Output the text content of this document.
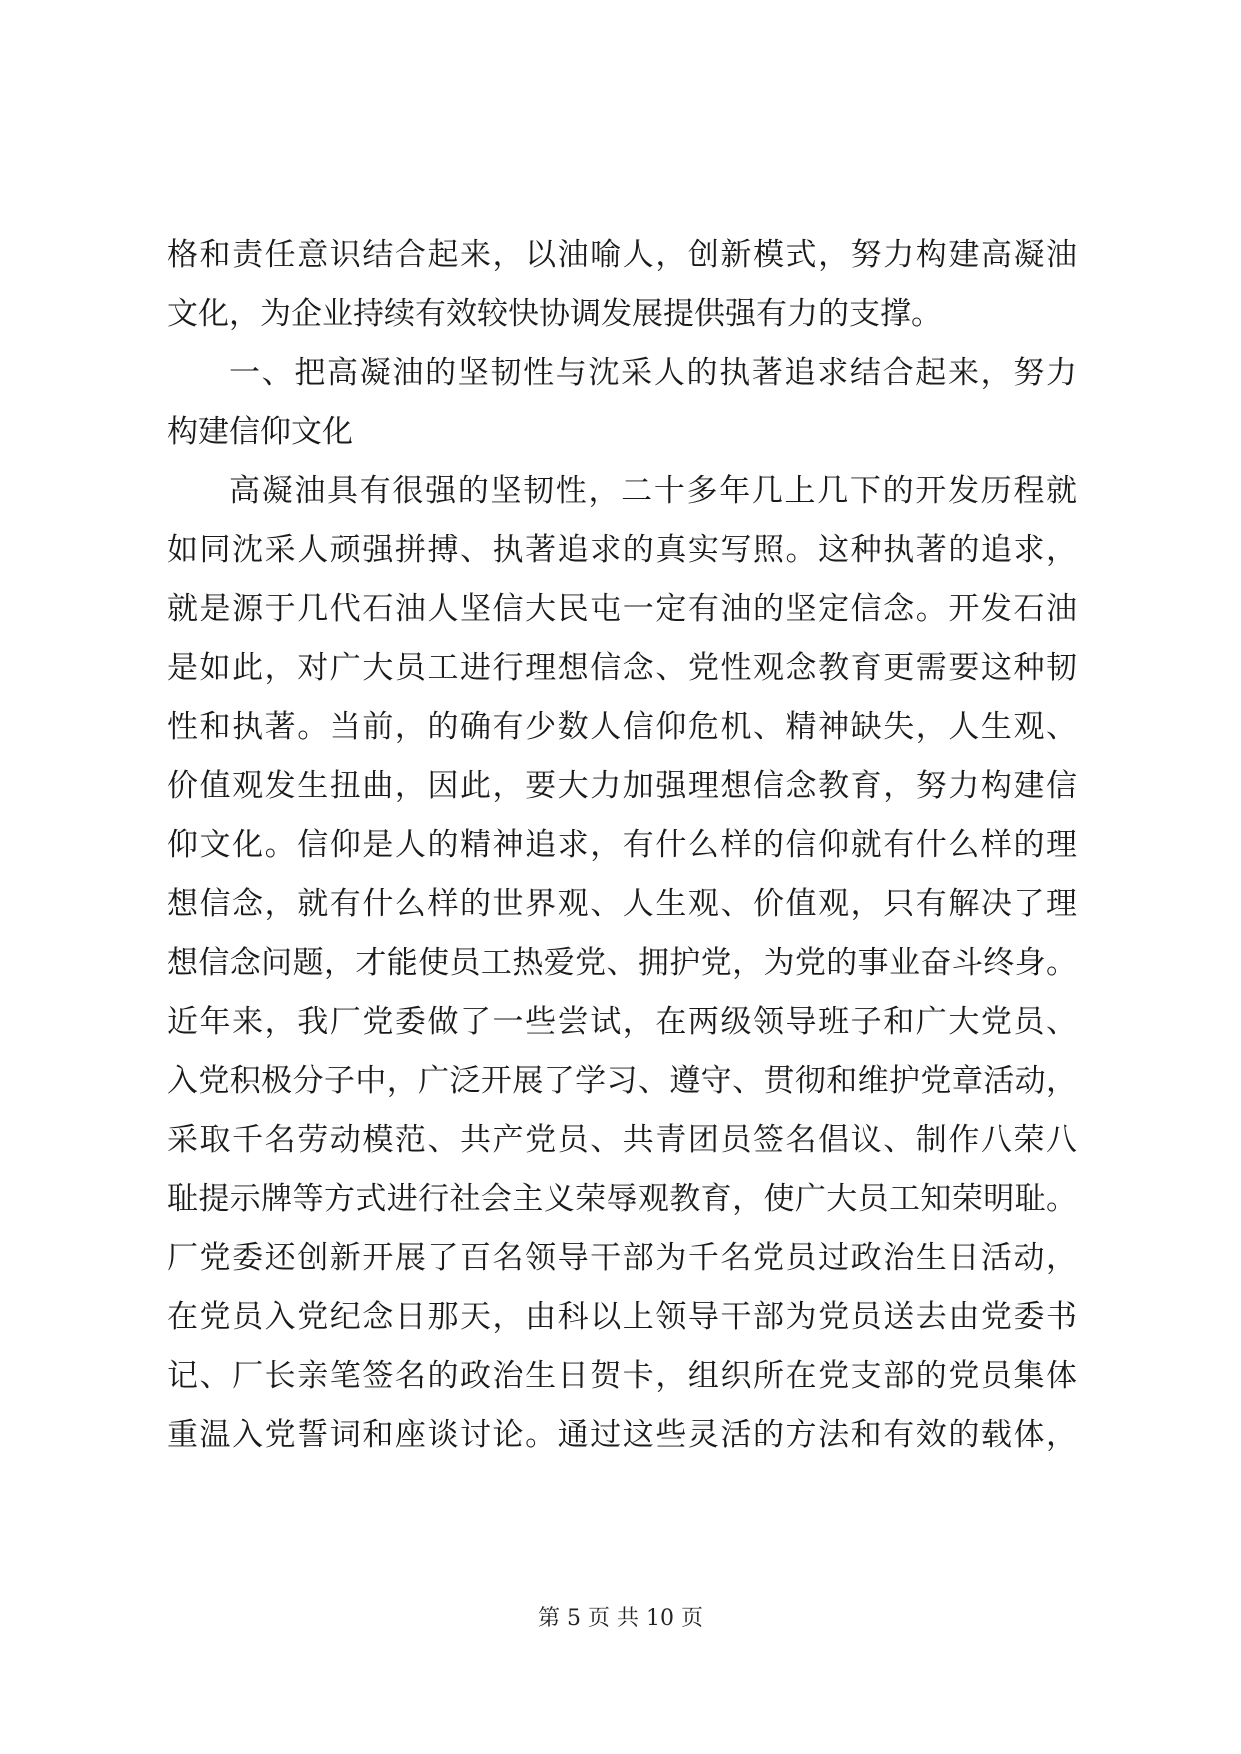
格和责任意识结合起来，以油喻人，创新模式，努力构建高凝油
文化，为企业持续有效较快协调发展提供强有力的支撑。
一、把高凝油的坚韧性与沈采人的执著追求结合起来，努力
构建信仰文化
高凝油具有很强的坚韧性，二十多年几上几下的开发历程就
如同沈采人顽强拼搏、执著追求的真实写照。这种执著的追求，
就是源于几代石油人坚信大民屯一定有油的坚定信念。开发石油
是如此，对广大员工进行理想信念、党性观念教育更需要这种韧
性和执著。当前，的确有少数人信仰危机、精神缺失，人生观、
价值观发生扭曲，因此，要大力加强理想信念教育，努力构建信
仰文化。信仰是人的精神追求，有什么样的信仰就有什么样的理
想信念，就有什么样的世界观、人生观、价值观，只有解决了理
想信念问题，才能使员工热爱党、拥护党，为党的事业奋斗终身。
近年来，我厂党委做了一些尝试，在两级领导班子和广大党员、
入党积极分子中，广泛开展了学习、遵守、贯彻和维护党章活动，
采取千名劳动模范、共产党员、共青团员签名倡议、制作八荣八
耻提示牌等方式进行社会主义荣辱观教育，使广大员工知荣明耻。
厂党委还创新开展了百名领导干部为千名党员过政治生日活动，
在党员入党纪念日那天，由科以上领导干部为党员送去由党委书
记、厂长亲笔签名的政治生日贺卡，组织所在党支部的党员集体
重温入党誓词和座谈讨论。通过这些灵活的方法和有效的载体，
第 5 页 共 10 页
